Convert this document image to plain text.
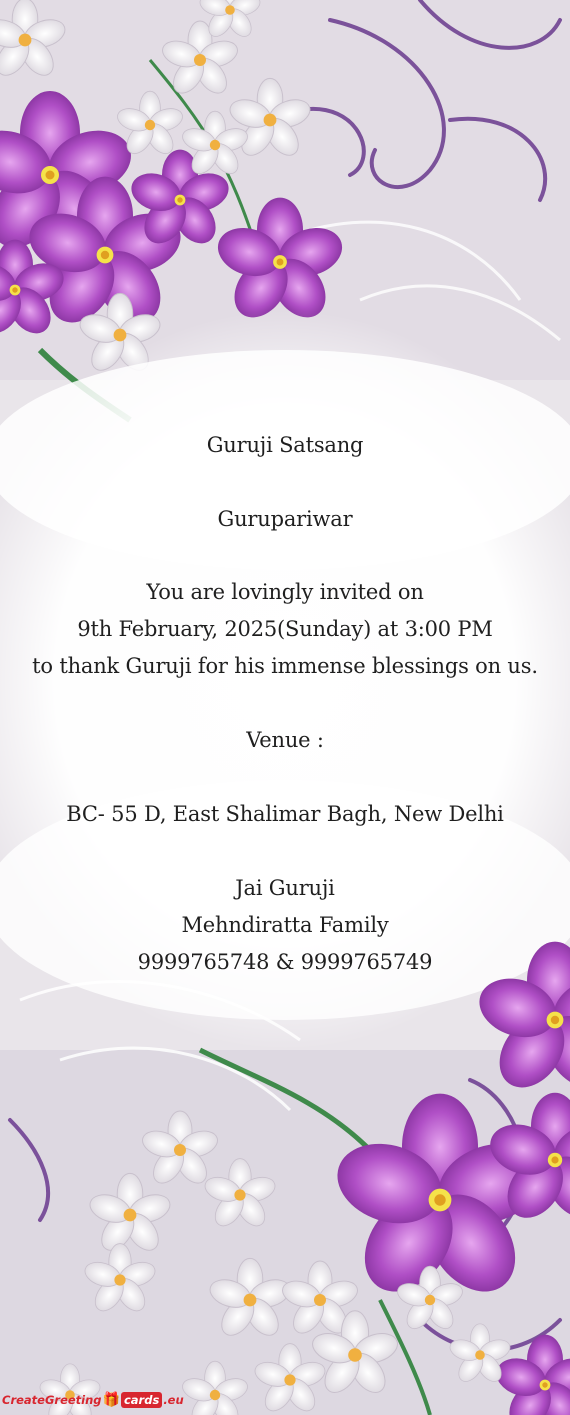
Guruji Satsang
Gurupariwar
You are lovingly invited on
9th February, 2025(Sunday) at 3:00 PM
to thank Guruji for his immense blessings on us.
Venue :
BC- 55 D, East Shalimar Bagh, New Delhi
Jai Guruji
Mehndiratta Family
9999765748 & 9999765749
CreateGreeting 🎁 cards .eu
